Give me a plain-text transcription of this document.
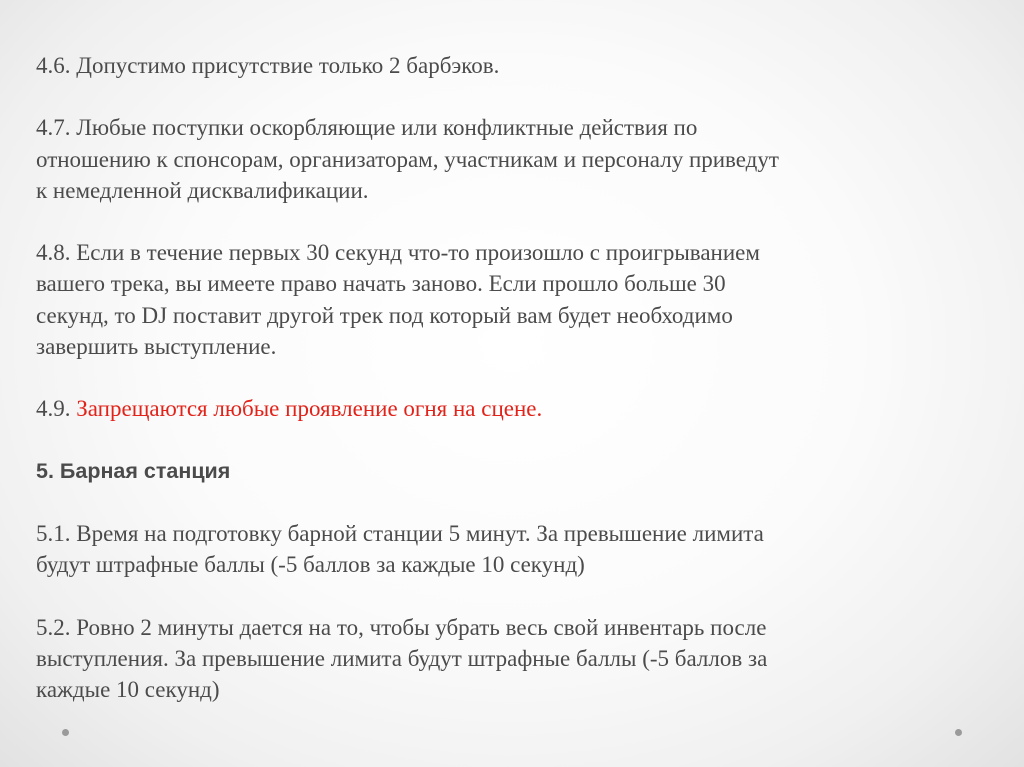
4.6. Допустимо присутствие только 2 барбэков.

4.7. Любые поступки оскорбляющие или конфликтные действия по
отношению к спонсорам, организаторам, участникам и персоналу приведут
к немедленной дисквалификации.

4.8. Если в течение первых 30 секунд что-то произошло с проигрыванием
вашего трека, вы имеете право начать заново. Если прошло больше 30
секунд, то DJ поставит другой трек под который вам будет необходимо
завершить выступление.

4.9. Запрещаются любые проявление огня на сцене.

5. Барная станция

5.1. Время на подготовку барной станции 5 минут. За превышение лимита
будут штрафные баллы (-5 баллов за каждые 10 секунд)

5.2. Ровно 2 минуты дается на то, чтобы убрать весь свой инвентарь после
выступления. За превышение лимита будут штрафные баллы (-5 баллов за
каждые 10 секунд)
